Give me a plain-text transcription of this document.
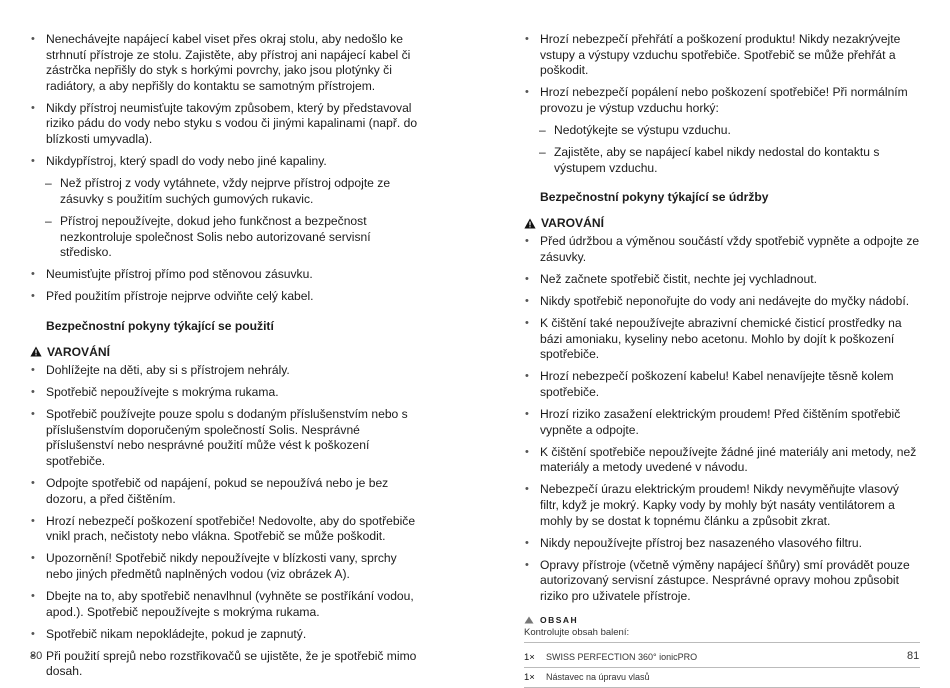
• Nenechávejte napájecí kabel viset přes okraj stolu, aby nedošlo ke strhnutí přístroje ze stolu. Zajistěte, aby přístroj ani napájecí kabel či zástrčka nepřišly do styk s horkými povrchy, jako jsou plotýnky či radiátory, a aby nepřišly do kontaktu se samotným přístrojem.
• Nikdy přístroj neumisťujte takovým způsobem, který by představoval riziko pádu do vody nebo styku s vodou či jinými kapalinami (např. do blízkosti umyvadla).
• Nikdypřístroj, který spadl do vody nebo jiné kapaliny.
– Než přístroj z vody vytáhnete, vždy nejprve přístroj odpojte ze zásuvky s použitím suchých gumových rukavic.
– Přístroj nepoužívejte, dokud jeho funkčnost a bezpečnost nezkontroluje společnost Solis nebo autorizované servisní středisko.
• Neumisťujte přístroj přímo pod stěnovou zásuvku.
• Před použitím přístroje nejprve odviňte celý kabel.
Bezpečnostní pokyny týkající se použití
VAROVÁNÍ
• Dohlížejte na děti, aby si s přístrojem nehrály.
• Spotřebič nepoužívejte s mokrýma rukama.
• Spotřebič používejte pouze spolu s dodaným příslušenstvím nebo s příslušenstvím doporučeným společností Solis. Nesprávné příslušenství nebo nesprávné použití může vést k poškození spotřebiče.
• Odpojte spotřebič od napájení, pokud se nepoužívá nebo je bez dozoru, a před čištěním.
• Hrozí nebezpečí poškození spotřebiče! Nedovolte, aby do spotřebiče vnikl prach, nečistoty nebo vlákna. Spotřebič se může poškodit.
• Upozornění! Spotřebič nikdy nepoužívejte v blízkosti vany, sprchy nebo jiných předmětů naplněných vodou (viz obrázek A).
• Dbejte na to, aby spotřebič nenavlhnul (vyhněte se postříkání vodou, apod.). Spotřebič nepoužívejte s mokrýma rukama.
• Spotřebič nikam nepokládejte, pokud je zapnutý.
• Při použití sprejů nebo rozstřikovačů se ujistěte, že je spotřebič mimo dosah.
• Hrozí nebezpečí přehřátí a poškození produktu! Nikdy nezakrývejte vstupy a výstupy vzduchu spotřebiče. Spotřebič se může přehřát a poškodit.
• Hrozí nebezpečí popálení nebo poškození spotřebiče! Při normálním provozu je výstup vzduchu horký:
– Nedotýkejte se výstupu vzduchu.
– Zajistěte, aby se napájecí kabel nikdy nedostal do kontaktu s výstupem vzduchu.
Bezpečnostní pokyny týkající se údržby
VAROVÁNÍ
• Před údržbou a výměnou součástí vždy spotřebič vypněte a odpojte ze zásuvky.
• Než začnete spotřebič čistit, nechte jej vychladnout.
• Nikdy spotřebič neponořujte do vody ani nedávejte do myčky nádobí.
• K čištění také nepoužívejte abrazivní chemické čisticí prostředky na bázi amoniaku, kyseliny nebo acetonu. Mohlo by dojít k poškození spotřebiče.
• Hrozí nebezpečí poškození kabelu! Kabel nenavíjejte těsně kolem spotřebiče.
• Hrozí riziko zasažení elektrickým proudem! Před čištěním spotřebič vypněte a odpojte.
• K čištění spotřebiče nepoužívejte žádné jiné materiály ani metody, než materiály a metody uvedené v návodu.
• Nebezpečí úrazu elektrickým proudem! Nikdy nevyměňujte vlasový filtr, když je mokrý. Kapky vody by mohly být nasáty ventilátorem a mohly by se dostat k topnému článku a způsobit zkrat.
• Nikdy nepoužívejte přístroj bez nasazeného vlasového filtru.
• Opravy přístroje (včetně výměny napájecí šňůry) smí provádět pouze autorizovaný servisní zástupce. Nesprávné opravy mohou způsobit riziko pro uživatele přístroje.
OBSAH
Kontrolujte obsah balení:
1×	SWISS PERFECTION 360° ionicPRO
1×	Nástavec na úpravu vlasů
80	81
